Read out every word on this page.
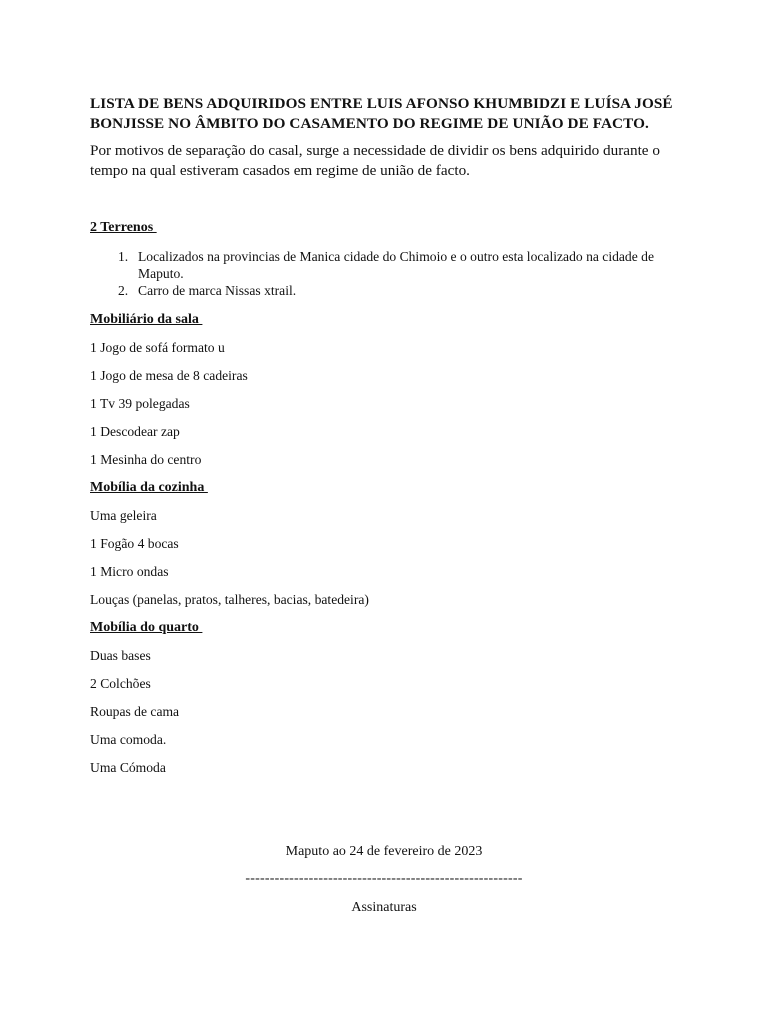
LISTA DE BENS ADQUIRIDOS ENTRE LUIS AFONSO KHUMBIDZI E LUÍSA JOSÉ BONJISSE NO ÂMBITO DO CASAMENTO DO REGIME DE UNIÃO DE FACTO.
Por motivos de separação do casal, surge a necessidade de dividir os bens adquirido durante o tempo na qual estiveram casados em regime de união de facto.
2 Terrenos
1. Localizados na provincias de Manica cidade do Chimoio e o outro esta localizado na cidade de Maputo.
2. Carro de marca Nissas xtrail.
Mobiliário da sala
1 Jogo de sofá formato u
1 Jogo de mesa de 8 cadeiras
1 Tv 39 polegadas
1 Descodear zap
1 Mesinha do centro
Mobília da cozinha
Uma geleira
1 Fogão 4 bocas
1 Micro ondas
Louças (panelas, pratos, talheres, bacias, batedeira)
Mobília do quarto
Duas bases
2 Colchões
Roupas de cama
Uma comoda.
Uma Cómoda
Maputo ao 24 de fevereiro de 2023
---------------------------------------------------------
Assinaturas
